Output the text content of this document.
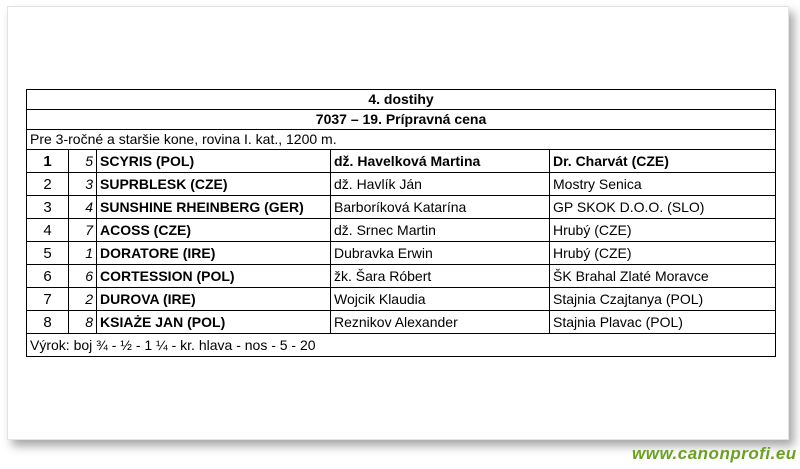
4. dostihy				
7037 – 19. Prípravná cena				
Pre 3-ročné a staršie kone, rovina I. kat., 1200 m.				
1	5	SCYRIS (POL)	dž. Havelková Martina	Dr. Charvát (CZE)
2	3	SUPRBLESK (CZE)	dž. Havlík Ján	Mostry Senica
3	4	SUNSHINE RHEINBERG (GER)	Barboríková Katarína	GP SKOK D.O.O. (SLO)
4	7	ACOSS (CZE)	dž. Srnec Martin	Hrubý (CZE)
5	1	DORATORE (IRE)	Dubravka Erwin	Hrubý (CZE)
6	6	CORTESSION (POL)	žk. Šara Róbert	ŠK Brahal Zlaté Moravce
7	2	DUROVA (IRE)	Wojcik Klaudia	Stajnia Czajtanya (POL)
8	8	KSIAŻE JAN (POL)	Reznikov Alexander	Stajnia Plavac (POL)
Výrok: boj ¾ - ½ - 1 ¼ - kr. hlava - nos - 5 - 20				
www.canonprofi.eu
